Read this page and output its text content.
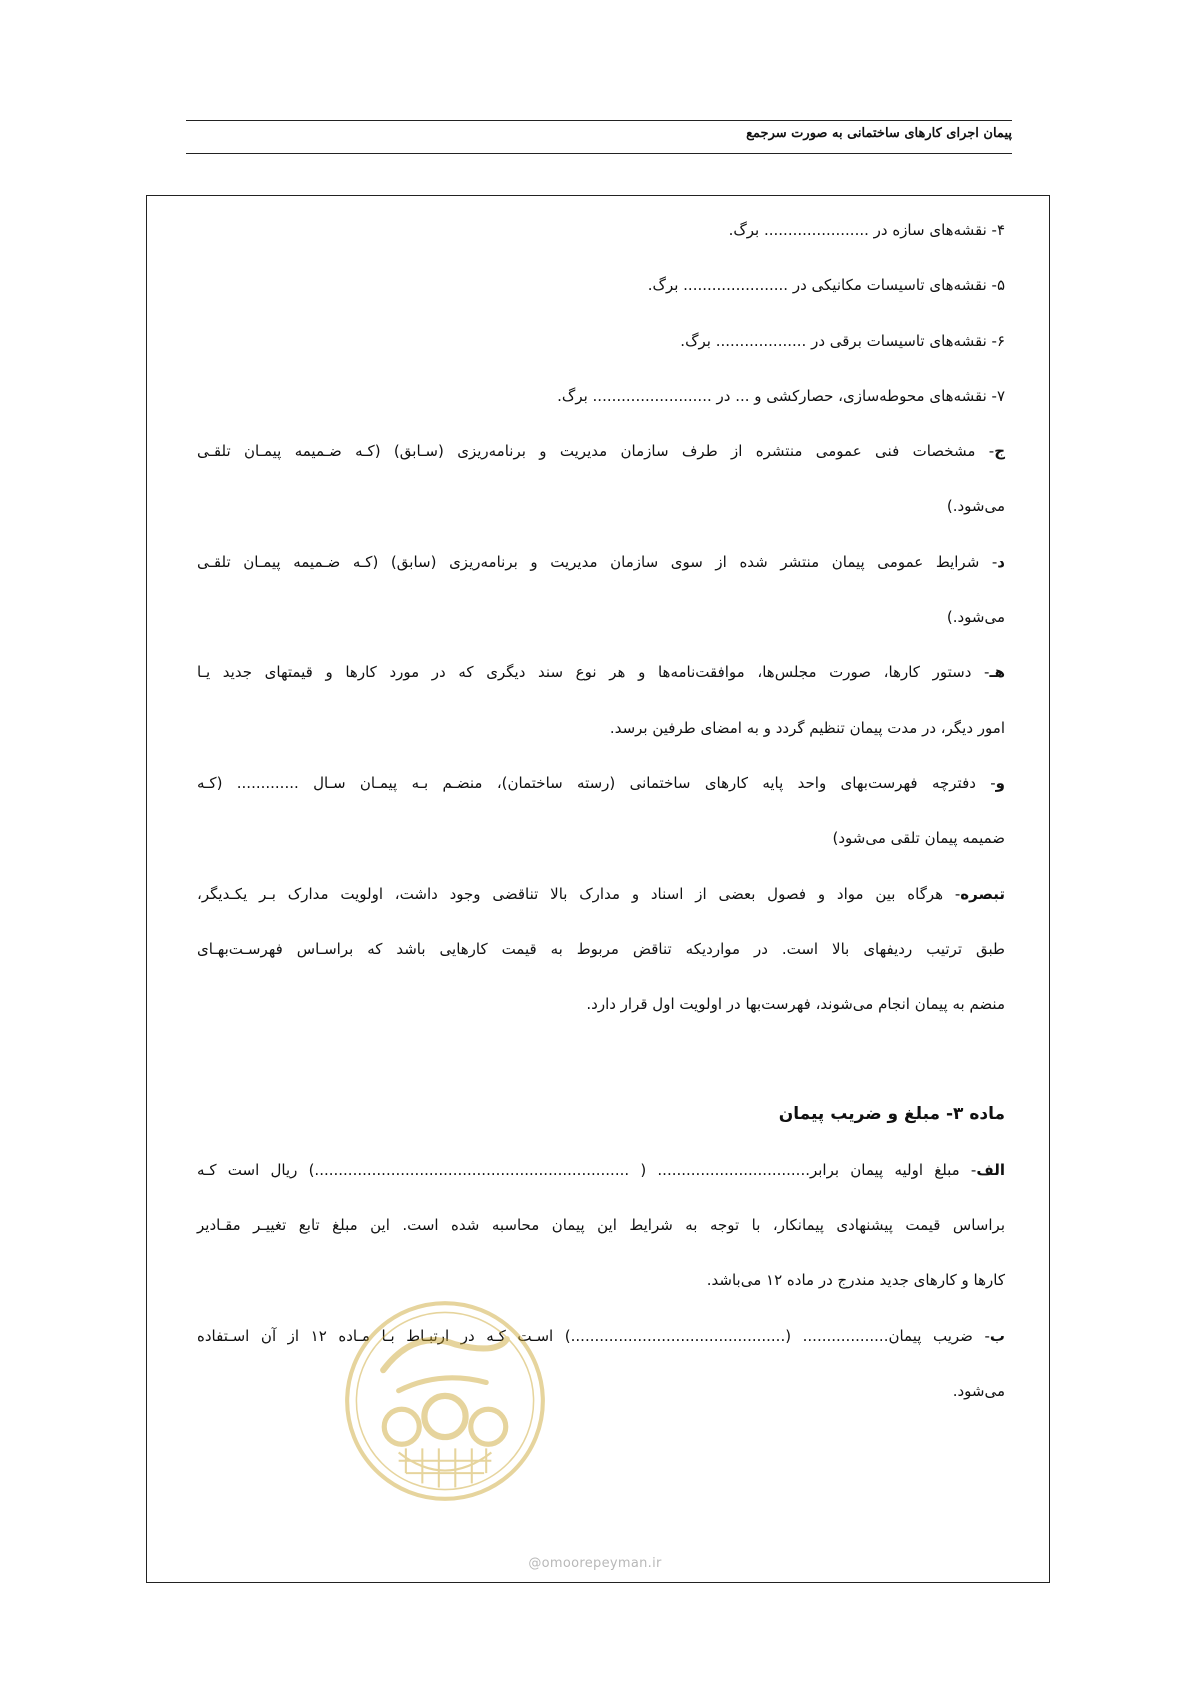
پیمان اجرای کارهای ساختمانی به صورت سرجمع
۴- نقشه‌های سازه در ...................... برگ.
۵- نقشه‌های تاسیسات مکانیکی در ...................... برگ.
۶- نقشه‌های تاسیسات برقی در ................... برگ.
۷- نقشه‌های محوطه‌سازی، حصارکشی و ... در ......................... برگ.
ج- مشخصات فنی عمومی منتشره از طرف سازمان مدیریت و برنامه‌ریزی (سـابق) (کـه ضـمیمه پیمـان تلقـی
می‌شود.)
د- شرایط عمومی پیمان منتشر شده از سوی سازمان مدیریت و برنامه‌ریزی (سابق) (کـه ضـمیمه پیمـان تلقـی
می‌شود.)
هـ- دستور کارها، صورت مجلس‌ها، موافقت‌نامه‌ها و هر نوع سند دیگری که در مورد کارها و قیمتهای جدید یـا
امور دیگر، در مدت پیمان تنظیم گردد و به امضای طرفین برسد.
و- دفترچه فهرست‌بهای واحد پایه کارهای ساختمانی (رسته ساختمان)، منضـم بـه پیمـان سـال ............. (کـه
ضمیمه پیمان تلقی می‌شود)
تبصره- هرگاه بین مواد و فصول بعضی از اسناد و مدارک بالا تناقضی وجود داشت، اولویت مدارک بـر یکـدیگر،
طبق ترتیب ردیفهای بالا است. در مواردیکه تناقض مربوط به قیمت کارهایی باشد که براسـاس فهرسـت‌بهـای
منضم به پیمان انجام می‌شوند، فهرست‌بها در اولویت اول قرار دارد.
ماده ۳- مبلغ و ضریب پیمان
الف- مبلغ اولیه پیمان برابر................................ ( ..................................................................) ریال است کـه
براساس قیمت پیشنهادی پیمانکار، با توجه به شرایط این پیمان محاسبه شده است. این مبلغ تابع تغییـر مقـادیر
کارها و کارهای جدید مندرج در ماده ۱۲ می‌باشد.
ب- ضریب پیمان.................. (.............................................) اسـت کـه در ارتبـاط بـا مـاده ۱۲ از آن اسـتفاده
می‌شود.
@omoorepeyman.ir
